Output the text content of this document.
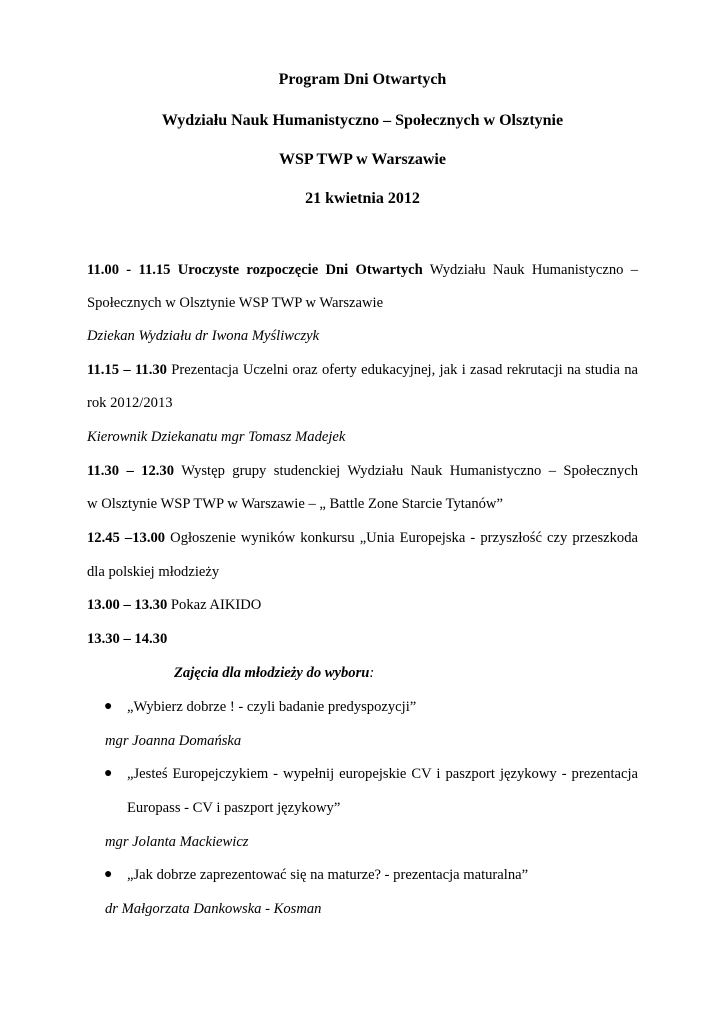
Program Dni Otwartych
Wydziału Nauk Humanistyczno – Społecznych w Olsztynie
WSP TWP w Warszawie
21 kwietnia 2012
11.00 - 11.15 Uroczyste rozpoczęcie Dni Otwartych Wydziału Nauk Humanistyczno –
Społecznych w Olsztynie WSP TWP w Warszawie
Dziekan Wydziału dr Iwona Myśliwczyk
11.15 – 11.30 Prezentacja Uczelni oraz oferty edukacyjnej, jak i zasad rekrutacji na studia na
rok 2012/2013
Kierownik Dziekanatu mgr Tomasz Madejek
11.30 – 12.30 Występ grupy studenckiej Wydziału Nauk Humanistyczno – Społecznych
w Olsztynie WSP TWP w Warszawie – „ Battle Zone Starcie Tytanów”
12.45 –13.00 Ogłoszenie wyników konkursu „Unia Europejska - przyszłość czy przeszkoda
dla polskiej młodzieży
13.00 – 13.30 Pokaz AIKIDO
13.30 – 14.30
Zajęcia dla młodzieży do wyboru:
● „Wybierz dobrze ! - czyli badanie predyspozycji”
mgr Joanna Domańska
● „Jesteś Europejczykiem - wypełnij europejskie CV i paszport językowy - prezentacja
Europass - CV i paszport językowy”
mgr Jolanta Mackiewicz
● „Jak dobrze zaprezentować się na maturze? - prezentacja maturalna”
dr Małgorzata Dankowska - Kosman
